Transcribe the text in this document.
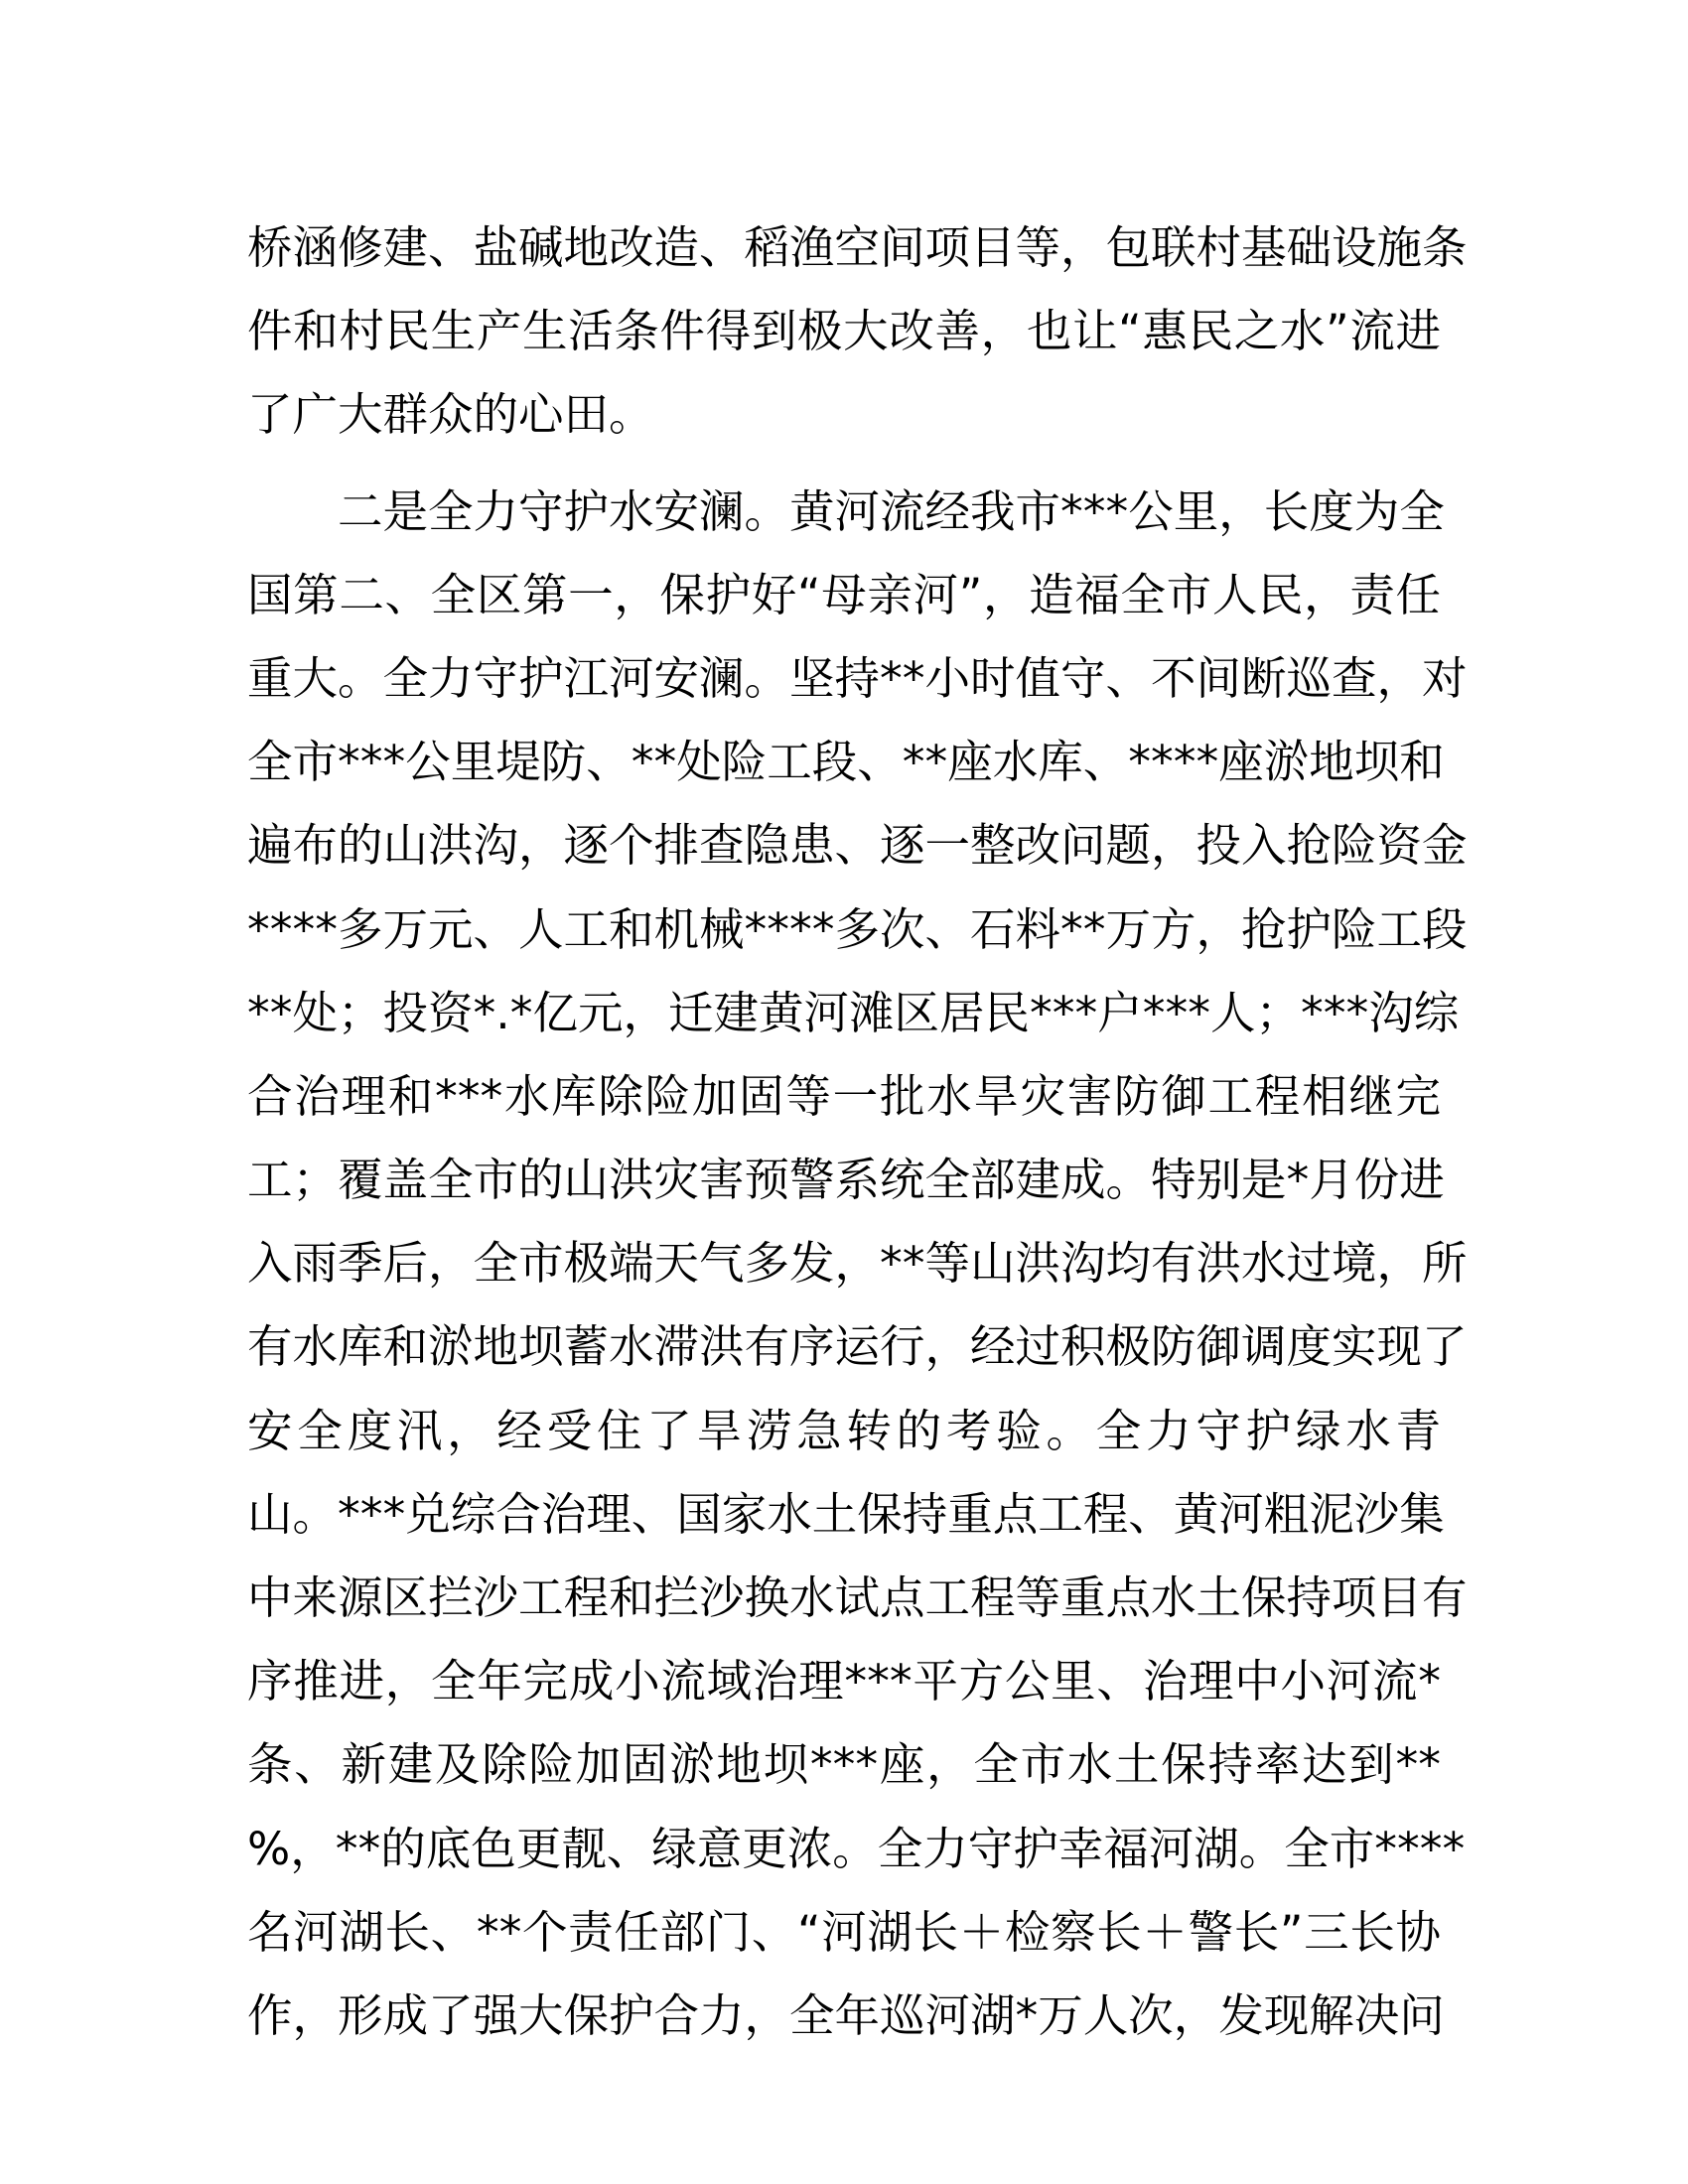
桥涵修建、盐碱地改造、稻渔空间项目等，包联村基础设施条
件和村民生产生活条件得到极大改善，也让“惠民之水”流进
了广大群众的心田。
二是全力守护水安澜。黄河流经我市***公里，长度为全
国第二、全区第一，保护好“母亲河”，造福全市人民，责任
重大。全力守护江河安澜。坚持**小时值守、不间断巡查，对
全市***公里堤防、**处险工段、**座水库、****座淤地坝和
遍布的山洪沟，逐个排查隐患、逐一整改问题，投入抢险资金
****多万元、人工和机械****多次、石料**万方，抢护险工段
**处；投资*.*亿元，迁建黄河滩区居民***户***人；***沟综
合治理和***水库除险加固等一批水旱灾害防御工程相继完
工；覆盖全市的山洪灾害预警系统全部建成。特别是*月份进
入雨季后，全市极端天气多发，**等山洪沟均有洪水过境，所
有水库和淤地坝蓄水滞洪有序运行，经过积极防御调度实现了
安全度汛，经受住了旱涝急转的考验。全力守护绿水青
山。***兑综合治理、国家水土保持重点工程、黄河粗泥沙集
中来源区拦沙工程和拦沙换水试点工程等重点水土保持项目有
序推进，全年完成小流域治理***平方公里、治理中小河流*
条、新建及除险加固淤地坝***座，全市水土保持率达到**
%，**的底色更靓、绿意更浓。全力守护幸福河湖。全市****
名河湖长、**个责任部门、“河湖长＋检察长＋警长”三长协
作，形成了强大保护合力，全年巡河湖*万人次，发现解决问
